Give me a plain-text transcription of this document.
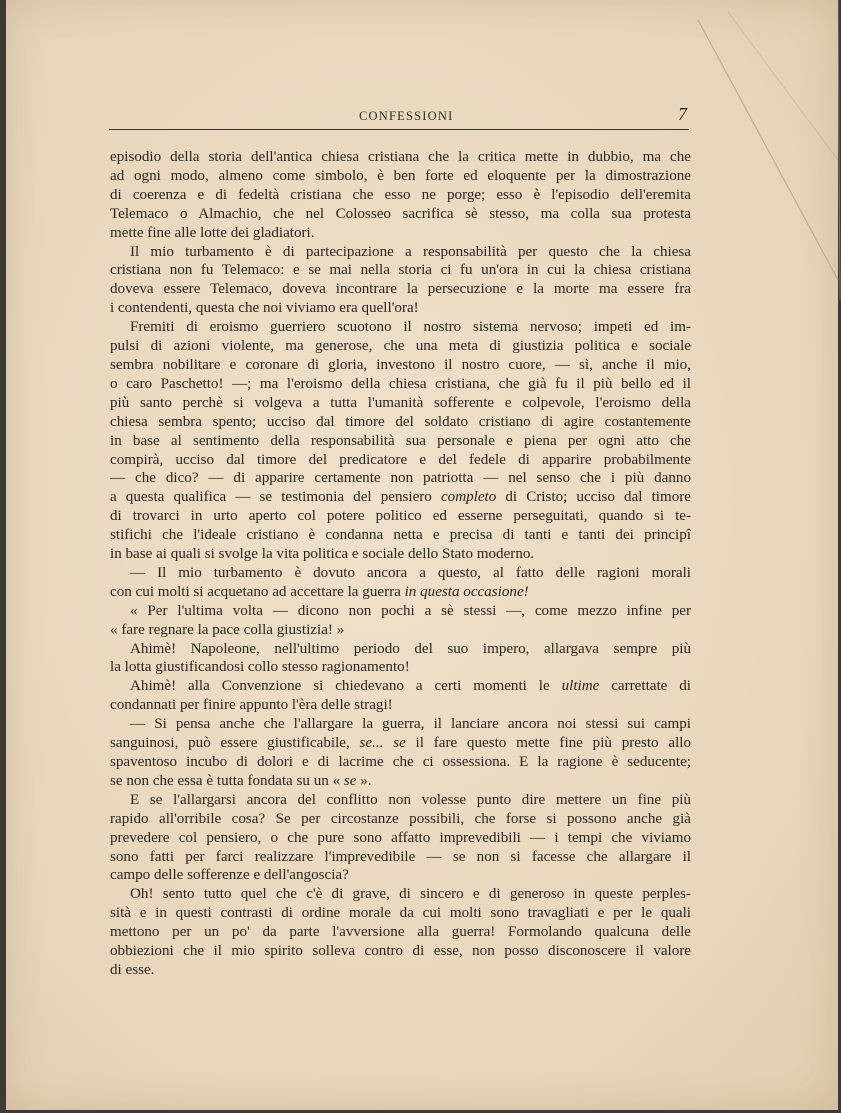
CONFESSIONI	7
episodio della storia dell'antica chiesa cristiana che la critica mette in dubbio, ma che
ad ogni modo, almeno come simbolo, è ben forte ed eloquente per la dimostrazione
di coerenza e di fedeltà cristiana che esso ne porge; esso è l'episodio dell'eremita
Telemaco o Almachio, che nel Colosseo sacrifica sè stesso, ma colla sua protesta
mette fine alle lotte dei gladiatori.
Il mio turbamento è di partecipazione a responsabilità per questo che la chiesa
cristiana non fu Telemaco: e se mai nella storia ci fu un'ora in cui la chiesa cristiana
doveva essere Telemaco, doveva incontrare la persecuzione e la morte ma essere fra
i contendenti, questa che noi viviamo era quell'ora!
Fremiti di eroismo guerriero scuotono il nostro sistema nervoso; impeti ed im-
pulsi di azioni violente, ma generose, che una meta di giustizia politica e sociale
sembra nobilitare e coronare di gloria, investono il nostro cuore, — sì, anche il mio,
o caro Paschetto! —; ma l'eroismo della chiesa cristiana, che già fu il più bello ed il
più santo perchè si volgeva a tutta l'umanità sofferente e colpevole, l'eroismo della
chiesa sembra spento; ucciso dal timore del soldato cristiano di agire costantemente
in base al sentimento della responsabilità sua personale e piena per ogni atto che
compirà, ucciso dal timore del predicatore e del fedele di apparire probabilmente
— che dico? — di apparire certamente non patriotta — nel senso che i più danno
a questa qualifica — se testimonia del pensiero completo di Cristo; ucciso dal timore
di trovarci in urto aperto col potere politico ed esserne perseguitati, quando si te-
stifichi che l'ideale cristiano è condanna netta e precisa di tanti e tanti dei principî
in base ai quali si svolge la vita politica e sociale dello Stato moderno.
— Il mio turbamento è dovuto ancora a questo, al fatto delle ragioni morali
con cui molti si acquetano ad accettare la guerra in questa occasione!
« Per l'ultima volta — dicono non pochi a sè stessi —, come mezzo infine per
« fare regnare la pace colla giustizia! »
Ahimè! Napoleone, nell'ultimo periodo del suo impero, allargava sempre più
la lotta giustificandosi collo stesso ragionamento!
Ahimè! alla Convenzione si chiedevano a certi momenti le ultime carrettate di
condannati per finire appunto l'èra delle stragi!
— Si pensa anche che l'allargare la guerra, il lanciare ancora noi stessi sui campi
sanguinosi, può essere giustificabile, se... se il fare questo mette fine più presto allo
spaventoso incubo di dolori e di lacrime che ci ossessiona. E la ragione è seducente;
se non che essa è tutta fondata su un « se ».
E se l'allargarsi ancora del conflitto non volesse punto dire mettere un fine più
rapido all'orribile cosa? Se per circostanze possibili, che forse si possono anche già
prevedere col pensiero, o che pure sono affatto imprevedibili — i tempi che viviamo
sono fatti per farci realizzare l'imprevedibile — se non si facesse che allargare il
campo delle sofferenze e dell'angoscia?
Oh! sento tutto quel che c'è di grave, di sincero e di generoso in queste perples-
sità e in questi contrasti di ordine morale da cui molti sono travagliati e per le quali
mettono per un po' da parte l'avversione alla guerra! Formolando qualcuna delle
obbiezioni che il mio spirito solleva contro di esse, non posso disconoscere il valore
di esse.
